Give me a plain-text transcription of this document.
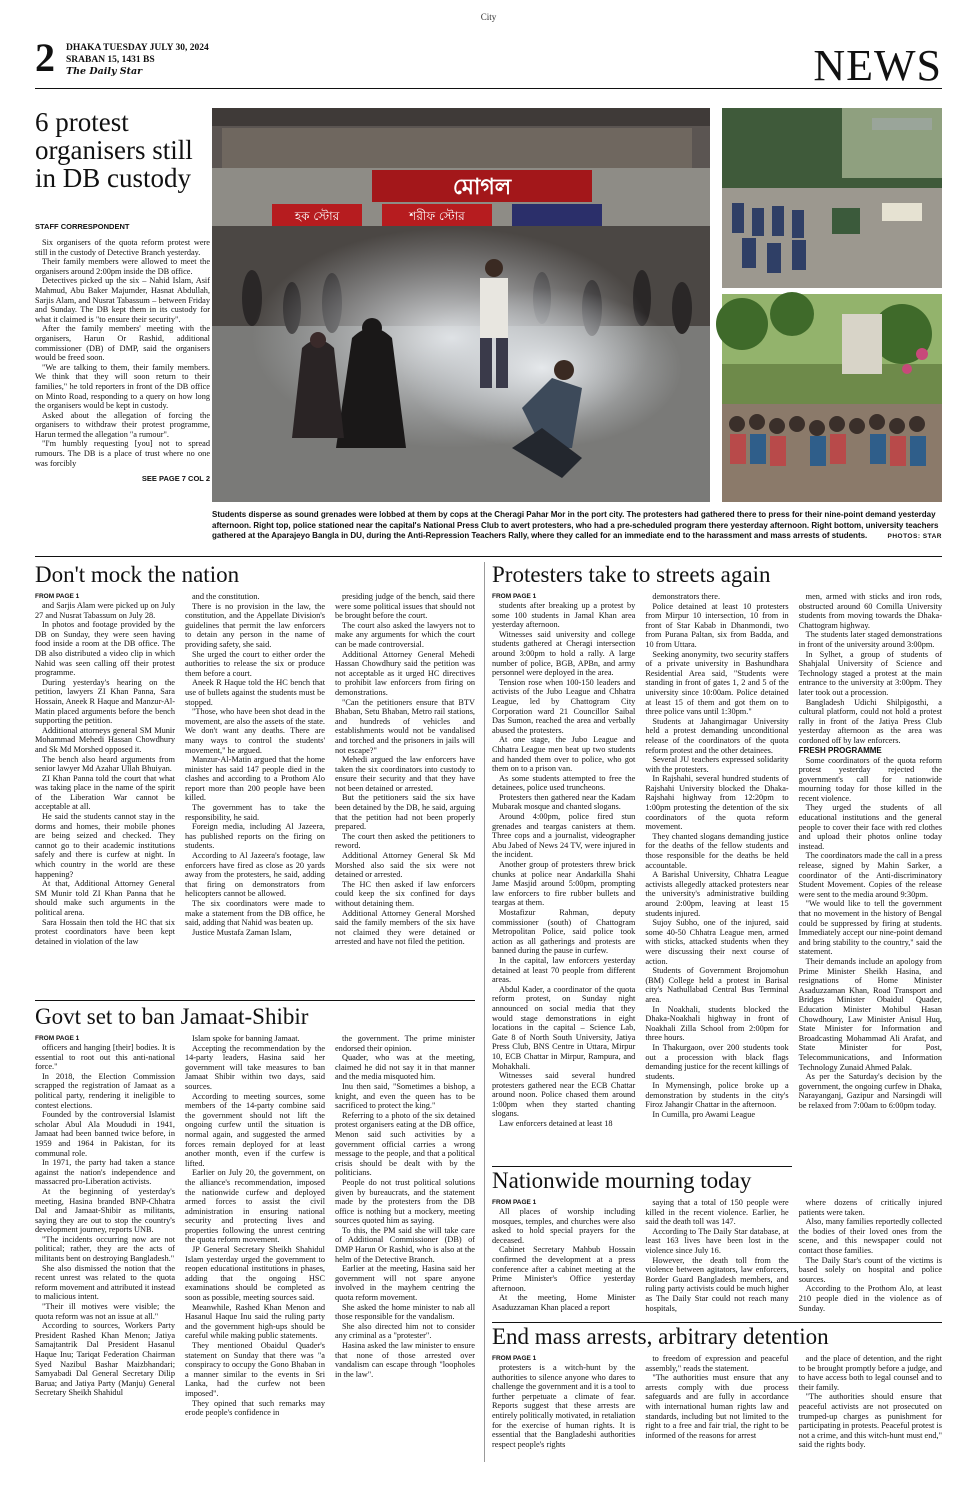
City
2 DHAKA TUESDAY JULY 30, 2024
SRABAN 15, 1431 BS
The Daily Star	NEWS
6 protest organisers still in DB custody
STAFF CORRESPONDENT

Six organisers of the quota reform protest were still in the custody of Detective Branch yesterday.

Their family members were allowed to meet the organisers around 2:00pm inside the DB office.

Detectives picked up the six – Nahid Islam, Asif Mahmud, Abu Baker Majumder, Hasnat Abdullah, Sarjis Alam, and Nusrat Tabassum – between Friday and Sunday. The DB kept them in its custody for what it claimed is "to ensure their security".

After the family members' meeting with the organisers, Harun Or Rashid, additional commissioner (DB) of DMP, said the organisers would be freed soon.

"We are talking to them, their family members. We think that they will soon return to their families," he told reporters in front of the DB office on Minto Road, responding to a query on how long the organisers would be kept in custody.

Asked about the allegation of forcing the organisers to withdraw their protest programme, Harun termed the allegation "a rumour".

"I'm humbly requesting [you] not to spread rumours. The DB is a place of trust where no one was forcibly

SEE PAGE 7 COL 2
মোগল
হক স্টোর	শরীফ স্টোর
Students disperse as sound grenades were lobbed at them by cops at the Cheragi Pahar Mor in the port city. The protesters had gathered there to press for their nine-point demand yesterday afternoon. Right top, police stationed near the capital's National Press Club to avert protesters, who had a pre-scheduled program there yesterday afternoon. Right bottom, university teachers gathered at the Aparajeyo Bangla in DU, during the Anti-Repression Teachers Rally, where they called for an immediate end to the harassment and mass arrests of students.	PHOTOS: STAR
Don't mock the nation
FROM PAGE 1

and Sarjis Alam were picked up on July 27 and Nusrat Tabassum on July 28.

In photos and footage provided by the DB on Sunday, they were seen having food inside a room at the DB office. The DB also distributed a video clip in which Nahid was seen calling off their protest programme.

During yesterday's hearing on the petition, lawyers ZI Khan Panna, Sara Hossain, Aneek R Haque and Manzur-Al-Matin placed arguments before the bench supporting the petition.

Additional attorneys general SM Munir Mohammad Mehedi Hassan Chowdhury and Sk Md Morshed opposed it.

The bench also heard arguments from senior lawyer Md Azahar Ullah Bhuiyan.

ZI Khan Panna told the court that what was taking place in the name of the spirit of the Liberation War cannot be acceptable at all.

He said the students cannot stay in the dorms and homes, their mobile phones are being seized and checked. They cannot go to their academic institutions safely and there is curfew at night. In which country in the world are these happening?

At that, Additional Attorney General SM Munir told ZI Khan Panna that he should make such arguments in the political arena.

Sara Hossain then told the HC that six protest coordinators have been kept detained in violation of the law

and the constitution.

There is no provision in the law, the constitution, and the Appellate Division's guidelines that permit the law enforcers to detain any person in the name of providing safety, she said.

She urged the court to either order the authorities to release the six or produce them before a court.

Aneek R Haque told the HC bench that use of bullets against the students must be stopped.

"Those, who have been shot dead in the movement, are also the assets of the state. We don't want any deaths. There are many ways to control the students' movement," he argued.

Manzur-Al-Matin argued that the home minister has said 147 people died in the clashes and according to a Prothom Alo report more than 200 people have been killed.

The government has to take the responsibility, he said.

Foreign media, including Al Jazeera, has published reports on the firing on students.

According to Al Jazeera's footage, law enforcers have fired as close as 20 yards away from the protesters, he said, adding that firing on demonstrators from helicopters cannot be allowed.

The six coordinators were made to make a statement from the DB office, he said, adding that Nahid was beaten up.

Justice Mustafa Zaman Islam,

presiding judge of the bench, said there were some political issues that should not be brought before the court.

The court also asked the lawyers not to make any arguments for which the court can be made controversial.

Additional Attorney General Mehedi Hassan Chowdhury said the petition was not acceptable as it urged HC directives to prohibit law enforcers from firing on demonstrations.

"Can the petitioners ensure that BTV Bhaban, Setu Bhaban, Metro rail stations, and hundreds of vehicles and establishments would not be vandalised and torched and the prisoners in jails will not escape?"

Mehedi argued the law enforcers have taken the six coordinators into custody to ensure their security and that they have not been detained or arrested.

But the petitioners said the six have been detained by the DB, he said, arguing that the petition had not been properly prepared.

The court then asked the petitioners to reword.

Additional Attorney General Sk Md Morshed also said the six were not detained or arrested.

The HC then asked if law enforcers could keep the six confined for days without detaining them.

Additional Attorney General Morshed said the family members of the six have not claimed they were detained or arrested and have not filed the petition.

Govt set to ban Jamaat-Shibir
FROM PAGE 1

officers and hanging [their] bodies. It is essential to root out this anti-national force."

In 2018, the Election Commission scrapped the registration of Jamaat as a political party, rendering it ineligible to contest elections.

Founded by the controversial Islamist scholar Abul Ala Moududi in 1941, Jamaat had been banned twice before, in 1959 and 1964 in Pakistan, for its communal role.

In 1971, the party had taken a stance against the nation's independence and massacred pro-Liberation activists.

At the beginning of yesterday's meeting, Hasina branded BNP-Chhatra Dal and Jamaat-Shibir as militants, saying they are out to stop the country's development journey, reports UNB.

"The incidents occurring now are not political; rather, they are the acts of militants bent on destroying Bangladesh."

She also dismissed the notion that the recent unrest was related to the quota reform movement and attributed it instead to malicious intent.

"Their ill motives were visible; the quota reform was not an issue at all."

According to sources, Workers Party President Rashed Khan Menon; Jatiya Samajtantrik Dal President Hasanul Haque Inu; Tariqat Federation Chairman Syed Nazibul Bashar Maizbhandari; Samyabadi Dal General Secretary Dilip Barua; and Jatiya Party (Manju) General Secretary Sheikh Shahidul

Islam spoke for banning Jamaat.

Accepting the recommendation by the 14-party leaders, Hasina said her government will take measures to ban Jamaat Shibir within two days, said sources.

According to meeting sources, some members of the 14-party combine said the government should not lift the ongoing curfew until the situation is normal again, and suggested the armed forces remain deployed for at least another month, even if the curfew is lifted.

Earlier on July 20, the government, on the alliance's recommendation, imposed the nationwide curfew and deployed armed forces to assist the civil administration in ensuring national security and protecting lives and properties following the unrest centring the quota reform movement.

JP General Secretary Sheikh Shahidul Islam yesterday urged the government to reopen educational institutions in phases, adding that the ongoing HSC examinations should be completed as soon as possible, meeting sources said.

Meanwhile, Rashed Khan Menon and Hasanul Haque Inu said the ruling party and the government high-ups should be careful while making public statements.

They mentioned Obaidul Quader's statement on Sunday that there was "a conspiracy to occupy the Gono Bhaban in a manner similar to the events in Sri Lanka, had the curfew not been imposed".

They opined that such remarks may erode people's confidence in

the government. The prime minister endorsed their opinion.

Quader, who was at the meeting, claimed he did not say it in that manner and the media misquoted him.

Inu then said, "Sometimes a bishop, a knight, and even the queen has to be sacrificed to protect the king."

Referring to a photo of the six detained protest organisers eating at the DB office, Menon said such activities by a government official carries a wrong message to the people, and that a political crisis should be dealt with by the politicians.

People do not trust political solutions given by bureaucrats, and the statement made by the protesters from the DB office is nothing but a mockery, meeting sources quoted him as saying.

To this, the PM said she will take care of Additional Commissioner (DB) of DMP Harun Or Rashid, who is also at the helm of the Detective Branch.

Earlier at the meeting, Hasina said her government will not spare anyone involved in the mayhem centring the quota reform movement.

She asked the home minister to nab all those responsible for the vandalism.

She also directed him not to consider any criminal as a "protester".

Hasina asked the law minister to ensure that none of those arrested over vandalism can escape through "loopholes in the law".

Protesters take to streets again
FROM PAGE 1

students after breaking up a protest by some 100 students in Jamal Khan area yesterday afternoon.

Witnesses said university and college students gathered at Cheragi intersection around 3:00pm to hold a rally. A large number of police, BGB, APBn, and army personnel were deployed in the area.

Tension rose when 100-150 leaders and activists of the Jubo League and Chhatra League, led by Chattogram City Corporation ward 21 Councillor Saibal Das Sumon, reached the area and verbally abused the protesters.

At one stage, the Jubo League and Chhatra League men beat up two students and handed them over to police, who got them on to a prison van.

As some students attempted to free the detainees, police used truncheons.

Protesters then gathered near the Kadam Mubarak mosque and chanted slogans.

Around 4:00pm, police fired stun grenades and teargas canisters at them. Three cops and a journalist, videographer Abu Jabed of News 24 TV, were injured in the incident.

Another group of protesters threw brick chunks at police near Andarkilla Shahi Jame Masjid around 5:00pm, prompting law enforcers to fire rubber bullets and teargas at them.

Mostafizur Rahman, deputy commissioner (south) of Chattogram Metropolitan Police, said police took action as all gatherings and protests are banned during the pause in curfew.

In the capital, law enforcers yesterday detained at least 70 people from different areas.

Abdul Kader, a coordinator of the quota reform protest, on Sunday night announced on social media that they would stage demonstrations in eight locations in the capital – Science Lab, Gate 8 of North South University, Jatiya Press Club, BNS Centre in Uttara, Mirpur 10, ECB Chattar in Mirpur, Rampura, and Mohakhali.

Witnesses said several hundred protesters gathered near the ECB Chattar around noon. Police chased them around 1:00pm when they started chanting slogans.

Law enforcers detained at least 18

demonstrators there.

Police detained at least 10 protesters from Mirpur 10 intersection, 10 from in front of Star Kabab in Dhanmondi, two from Purana Paltan, six from Badda, and 10 from Uttara.

Seeking anonymity, two security staffers of a private university in Bashundhara Residential Area said, "Students were standing in front of gates 1, 2 and 5 of the university since 10:00am. Police detained at least 15 of them and got them on to three police vans until 1:30pm."

Students at Jahangirnagar University held a protest demanding unconditional release of the coordinators of the quota reform protest and the other detainees.

Several JU teachers expressed solidarity with the protesters.

In Rajshahi, several hundred students of Rajshahi University blocked the Dhaka-Rajshahi highway from 12:20pm to 1:00pm protesting the detention of the six coordinators of the quota reform movement.

They chanted slogans demanding justice for the deaths of the fellow students and those responsible for the deaths be held accountable.

A Barishal University, Chhatra League activists allegedly attacked protesters near the university's administrative building around 2:00pm, leaving at least 15 students injured.

Sujoy Subho, one of the injured, said some 40-50 Chhatra League men, armed with sticks, attacked students when they were discussing their next course of action.

Students of Government Brojomohun (BM) College held a protest in Barisal city's Nathullabad Central Bus Terminal area.

In Noakhali, students blocked the Dhaka-Noakhali highway in front of Noakhali Zilla School from 2:00pm for three hours.

In Thakurgaon, over 200 students took out a procession with black flags demanding justice for the recent killings of students.

In Mymensingh, police broke up a demonstration by students in the city's Firoz Jahangir Chattar in the afternoon.

In Cumilla, pro Awami League

men, armed with sticks and iron rods, obstructed around 60 Comilla University students from moving towards the Dhaka-Chattogram highway.

The students later staged demonstrations in front of the university around 3:00pm.

In Sylhet, a group of students of Shahjalal University of Science and Technology staged a protest at the main entrance to the university at 3:00pm. They later took out a procession.

Bangladesh Udichi Shilpigosthi, a cultural platform, could not hold a protest rally in front of the Jatiya Press Club yesterday afternoon as the area was cordoned off by law enforcers.

FRESH PROGRAMME

Some coordinators of the quota reform protest yesterday rejected the government's call for nationwide mourning today for those killed in the recent violence.

They urged the students of all educational institutions and the general people to cover their face with red clothes and upload their photos online today instead.

The coordinators made the call in a press release, signed by Mahin Sarker, a coordinator of the Anti-discriminatory Student Movement. Copies of the release were sent to the media around 9:30pm.

"We would like to tell the government that no movement in the history of Bengal could be suppressed by firing at students. Immediately accept our nine-point demand and bring stability to the country," said the statement.

Their demands include an apology from Prime Minister Sheikh Hasina, and resignations of Home Minister Asaduzzaman Khan, Road Transport and Bridges Minister Obaidul Quader, Education Minister Mohibul Hasan Chowdhoury, Law Minister Anisul Huq, State Minister for Information and Broadcasting Mohammad Ali Arafat, and State Minister for Post, Telecommunications, and Information Technology Zunaid Ahmed Palak.

As per the Saturday's decision by the government, the ongoing curfew in Dhaka, Narayanganj, Gazipur and Narsingdi will be relaxed from 7:00am to 6:00pm today.

Nationwide mourning today
FROM PAGE 1

All places of worship including mosques, temples, and churches were also asked to hold special prayers for the deceased.

Cabinet Secretary Mahbub Hossain confirmed the development at a press conference after a cabinet meeting at the Prime Minister's Office yesterday afternoon.

At the meeting, Home Minister Asaduzzaman Khan placed a report

saying that a total of 150 people were killed in the recent violence. Earlier, he said the death toll was 147.

According to The Daily Star database, at least 163 lives have been lost in the violence since July 16.

However, the death toll from the violence between agitators, law enforcers, Border Guard Bangladesh members, and ruling party activists could be much higher as The Daily Star could not reach many hospitals,

where dozens of critically injured patients were taken.

Also, many families reportedly collected the bodies of their loved ones from the scene, and this newspaper could not contact those families.

The Daily Star's count of the victims is based solely on hospital and police sources.

According to the Prothom Alo, at least 210 people died in the violence as of Sunday.

End mass arrests, arbitrary detention
FROM PAGE 1

protesters is a witch-hunt by the authorities to silence anyone who dares to challenge the government and it is a tool to further perpetuate a climate of fear. Reports suggest that these arrests are entirely politically motivated, in retaliation for the exercise of human rights. It is essential that the Bangladeshi authorities respect people's rights

to freedom of expression and peaceful assembly," reads the statement.

"The authorities must ensure that any arrests comply with due process safeguards and are fully in accordance with international human rights law and standards, including but not limited to the right to a free and fair trial, the right to be informed of the reasons for arrest

and the place of detention, and the right to be brought promptly before a judge, and to have access both to legal counsel and to their family.

"The authorities should ensure that peaceful activists are not prosecuted on trumped-up charges as punishment for participating in protests. Peaceful protest is not a crime, and this witch-hunt must end," said the rights body.
